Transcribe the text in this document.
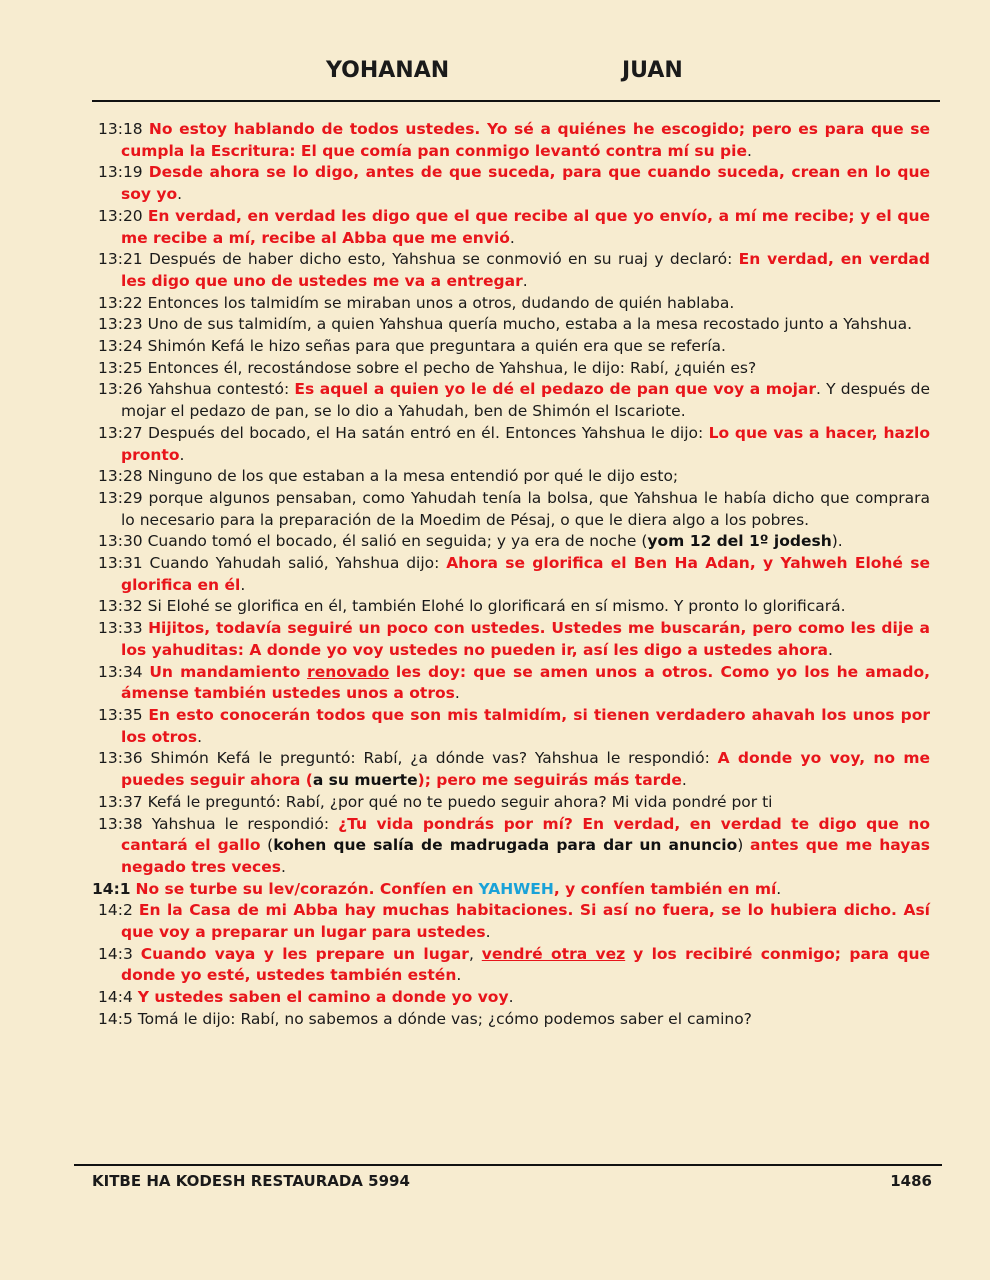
YOHANAN	JUAN
13:18 No estoy hablando de todos ustedes. Yo sé a quiénes he escogido; pero es para que se cumpla la Escritura: El que comía pan conmigo levantó contra mí su pie.
13:19 Desde ahora se lo digo, antes de que suceda, para que cuando suceda, crean en lo que soy yo.
13:20 En verdad, en verdad les digo que el que recibe al que yo envío, a mí me recibe; y el que me recibe a mí, recibe al Abba que me envió.
13:21 Después de haber dicho esto, Yahshua se conmovió en su ruaj y declaró: En verdad, en verdad les digo que uno de ustedes me va a entregar.
13:22 Entonces los talmidím se miraban unos a otros, dudando de quién hablaba.
13:23 Uno de sus talmidím, a quien Yahshua quería mucho, estaba a la mesa recostado junto a Yahshua.
13:24 Shimón Kefá le hizo señas para que preguntara a quién era que se refería.
13:25 Entonces él, recostándose sobre el pecho de Yahshua, le dijo: Rabí, ¿quién es?
13:26 Yahshua contestó: Es aquel a quien yo le dé el pedazo de pan que voy a mojar. Y después de mojar el pedazo de pan, se lo dio a Yahudah, ben de Shimón el Iscariote.
13:27 Después del bocado, el Ha satán entró en él. Entonces Yahshua le dijo: Lo que vas a hacer, hazlo pronto.
13:28 Ninguno de los que estaban a la mesa entendió por qué le dijo esto;
13:29 porque algunos pensaban, como Yahudah tenía la bolsa, que Yahshua le había dicho que comprara lo necesario para la preparación de la Moedim de Pésaj, o que le diera algo a los pobres.
13:30 Cuando tomó el bocado, él salió en seguida; y ya era de noche (yom 12 del 1º jodesh).
13:31 Cuando Yahudah salió, Yahshua dijo: Ahora se glorifica el Ben Ha Adan, y Yahweh Elohé se glorifica en él.
13:32 Si Elohé se glorifica en él, también Elohé lo glorificará en sí mismo. Y pronto lo glorificará.
13:33 Hijitos, todavía seguiré un poco con ustedes. Ustedes me buscarán, pero como les dije a los yahuditas: A donde yo voy ustedes no pueden ir, así les digo a ustedes ahora.
13:34 Un mandamiento renovado les doy: que se amen unos a otros. Como yo los he amado, ámense también ustedes unos a otros.
13:35 En esto conocerán todos que son mis talmidím, si tienen verdadero ahavah los unos por los otros.
13:36 Shimón Kefá le preguntó: Rabí, ¿a dónde vas? Yahshua le respondió: A donde yo voy, no me puedes seguir ahora (a su muerte); pero me seguirás más tarde.
13:37 Kefá le preguntó: Rabí, ¿por qué no te puedo seguir ahora? Mi vida pondré por ti
13:38 Yahshua le respondió: ¿Tu vida pondrás por mí? En verdad, en verdad te digo que no cantará el gallo (kohen que salía de madrugada para dar un anuncio) antes que me hayas negado tres veces.
14:1 No se turbe su lev/corazón. Confíen en YAHWEH, y confíen también en mí.
14:2 En la Casa de mi Abba hay muchas habitaciones. Si así no fuera, se lo hubiera dicho. Así que voy a preparar un lugar para ustedes.
14:3 Cuando vaya y les prepare un lugar, vendré otra vez y los recibiré conmigo; para que donde yo esté, ustedes también estén.
14:4 Y ustedes saben el camino a donde yo voy.
14:5 Tomá le dijo: Rabí, no sabemos a dónde vas; ¿cómo podemos saber el camino?
KITBE HA KODESH RESTAURADA 5994	1486
